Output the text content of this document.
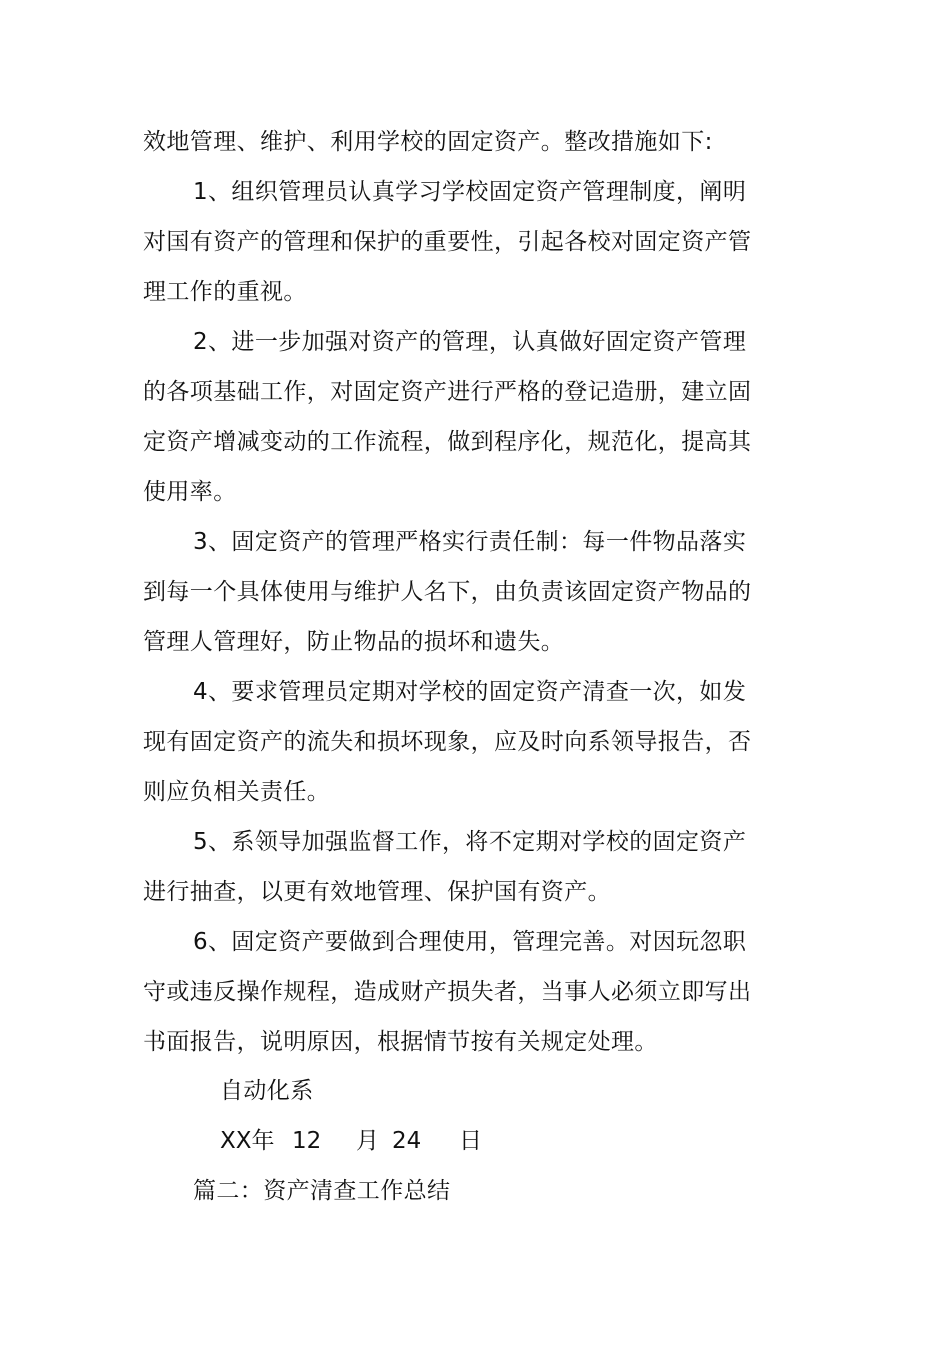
效地管理、维护、利用学校的固定资产。整改措施如下:
1、组织管理员认真学习学校固定资产管理制度，阐明
对国有资产的管理和保护的重要性，引起各校对固定资产管
理工作的重视。
2、进一步加强对资产的管理，认真做好固定资产管理
的各项基础工作，对固定资产进行严格的登记造册，建立固
定资产增减变动的工作流程，做到程序化，规范化，提高其
使用率。
3、固定资产的管理严格实行责任制：每一件物品落实
到每一个具体使用与维护人名下，由负责该固定资产物品的
管理人管理好，防止物品的损坏和遗失。
4、要求管理员定期对学校的固定资产清查一次，如发
现有固定资产的流失和损坏现象，应及时向系领导报告，否
则应负相关责任。
5、系领导加强监督工作，将不定期对学校的固定资产
进行抽查，以更有效地管理、保护国有资产。
6、固定资产要做到合理使用，管理完善。对因玩忽职
守或违反操作规程，造成财产损失者，当事人必须立即写出
书面报告，说明原因，根据情节按有关规定处理。
自动化系
XX年 12 月 24 日
篇二：资产清查工作总结
